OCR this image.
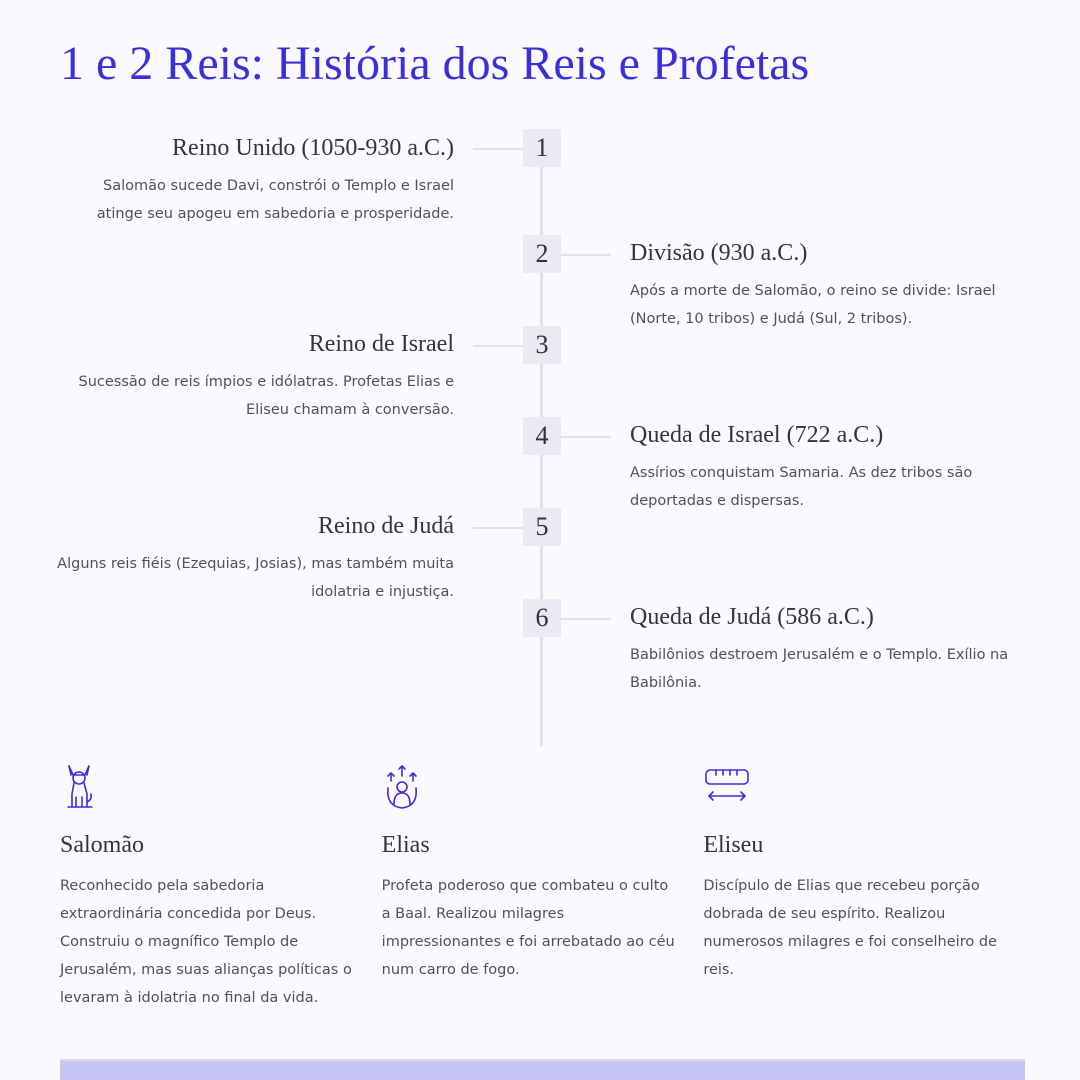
1 e 2 Reis: História dos Reis e Profetas
1
Reino Unido (1050-930 a.C.)

Salomão sucede Davi, constrói o Templo e Israel atinge seu apogeu em sabedoria e prosperidade.

2	Divisão (930 a.C.)

Após a morte de Salomão, o reino se divide: Israel (Norte, 10 tribos) e Judá (Sul, 2 tribos).

3
Reino de Israel

Sucessão de reis ímpios e idólatras. Profetas Elias e Eliseu chamam à conversão.

4	Queda de Israel (722 a.C.)

Assírios conquistam Samaria. As dez tribos são deportadas e dispersas.

5
Reino de Judá

Alguns reis fiéis (Ezequias, Josias), mas também muita idolatria e injustiça.

6	Queda de Judá (586 a.C.)

Babilônios destroem Jerusalém e o Templo. Exílio na Babilônia.

Salomão

Reconhecido pela sabedoria extraordinária concedida por Deus. Construiu o magnífico Templo de Jerusalém, mas suas alianças políticas o levaram à idolatria no final da vida.

Elias

Profeta poderoso que combateu o culto a Baal. Realizou milagres impressionantes e foi arrebatado ao céu num carro de fogo.

Eliseu

Discípulo de Elias que recebeu porção dobrada de seu espírito. Realizou numerosos milagres e foi conselheiro de reis.
